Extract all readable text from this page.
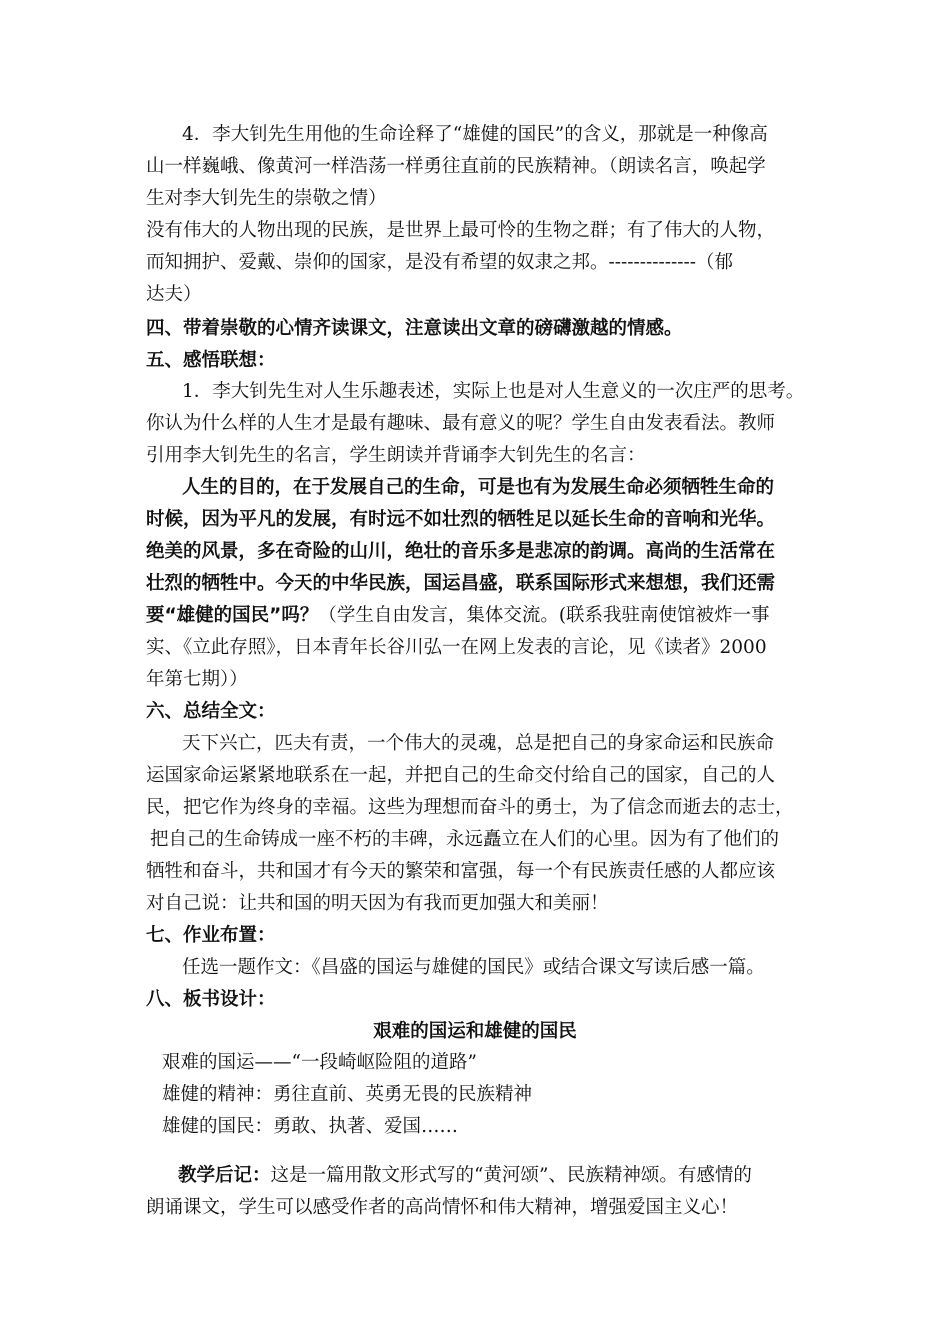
4．李大钊先生用他的生命诠释了“雄健的国民”的含义，那就是一种像高
山一样巍峨、像黄河一样浩荡一样勇往直前的民族精神。（朗读名言，唤起学
生对李大钊先生的崇敬之情）
没有伟大的人物出现的民族，是世界上最可怜的生物之群；有了伟大的人物，
而知拥护、爱戴、崇仰的国家，是没有希望的奴隶之邦。--------------（郁
达夫）
四、带着崇敬的心情齐读课文，注意读出文章的磅礴激越的情感。
五、感悟联想：
1．李大钊先生对人生乐趣表述，实际上也是对人生意义的一次庄严的思考。
你认为什么样的人生才是最有趣味、最有意义的呢？学生自由发表看法。教师
引用李大钊先生的名言，学生朗读并背诵李大钊先生的名言：
人生的目的，在于发展自己的生命，可是也有为发展生命必须牺牲生命的
时候，因为平凡的发展，有时远不如壮烈的牺牲足以延长生命的音响和光华。
绝美的风景，多在奇险的山川，绝壮的音乐多是悲凉的韵调。高尚的生活常在
壮烈的牺牲中。今天的中华民族，国运昌盛，联系国际形式来想想，我们还需
要“雄健的国民”吗？（学生自由发言，集体交流。(联系我驻南使馆被炸一事
实、《立此存照》，日本青年长谷川弘一在网上发表的言论，见《读者》2000
年第七期））
六、总结全文：
天下兴亡，匹夫有责，一个伟大的灵魂，总是把自己的身家命运和民族命
运国家命运紧紧地联系在一起，并把自己的生命交付给自己的国家，自己的人
民，把它作为终身的幸福。这些为理想而奋斗的勇士，为了信念而逝去的志士，
把自己的生命铸成一座不朽的丰碑，永远矗立在人们的心里。因为有了他们的
牺牲和奋斗，共和国才有今天的繁荣和富强，每一个有民族责任感的人都应该
对自己说：让共和国的明天因为有我而更加强大和美丽！
七、作业布置：
任选一题作文：《昌盛的国运与雄健的国民》或结合课文写读后感一篇。
八、板书设计：
艰难的国运和雄健的国民
艰难的国运——“一段崎岖险阻的道路”
雄健的精神：勇往直前、英勇无畏的民族精神
雄健的国民：勇敢、执著、爱国……
教学后记：这是一篇用散文形式写的“黄河颂”、民族精神颂。有感情的
朗诵课文，学生可以感受作者的高尚情怀和伟大精神，增强爱国主义心！
